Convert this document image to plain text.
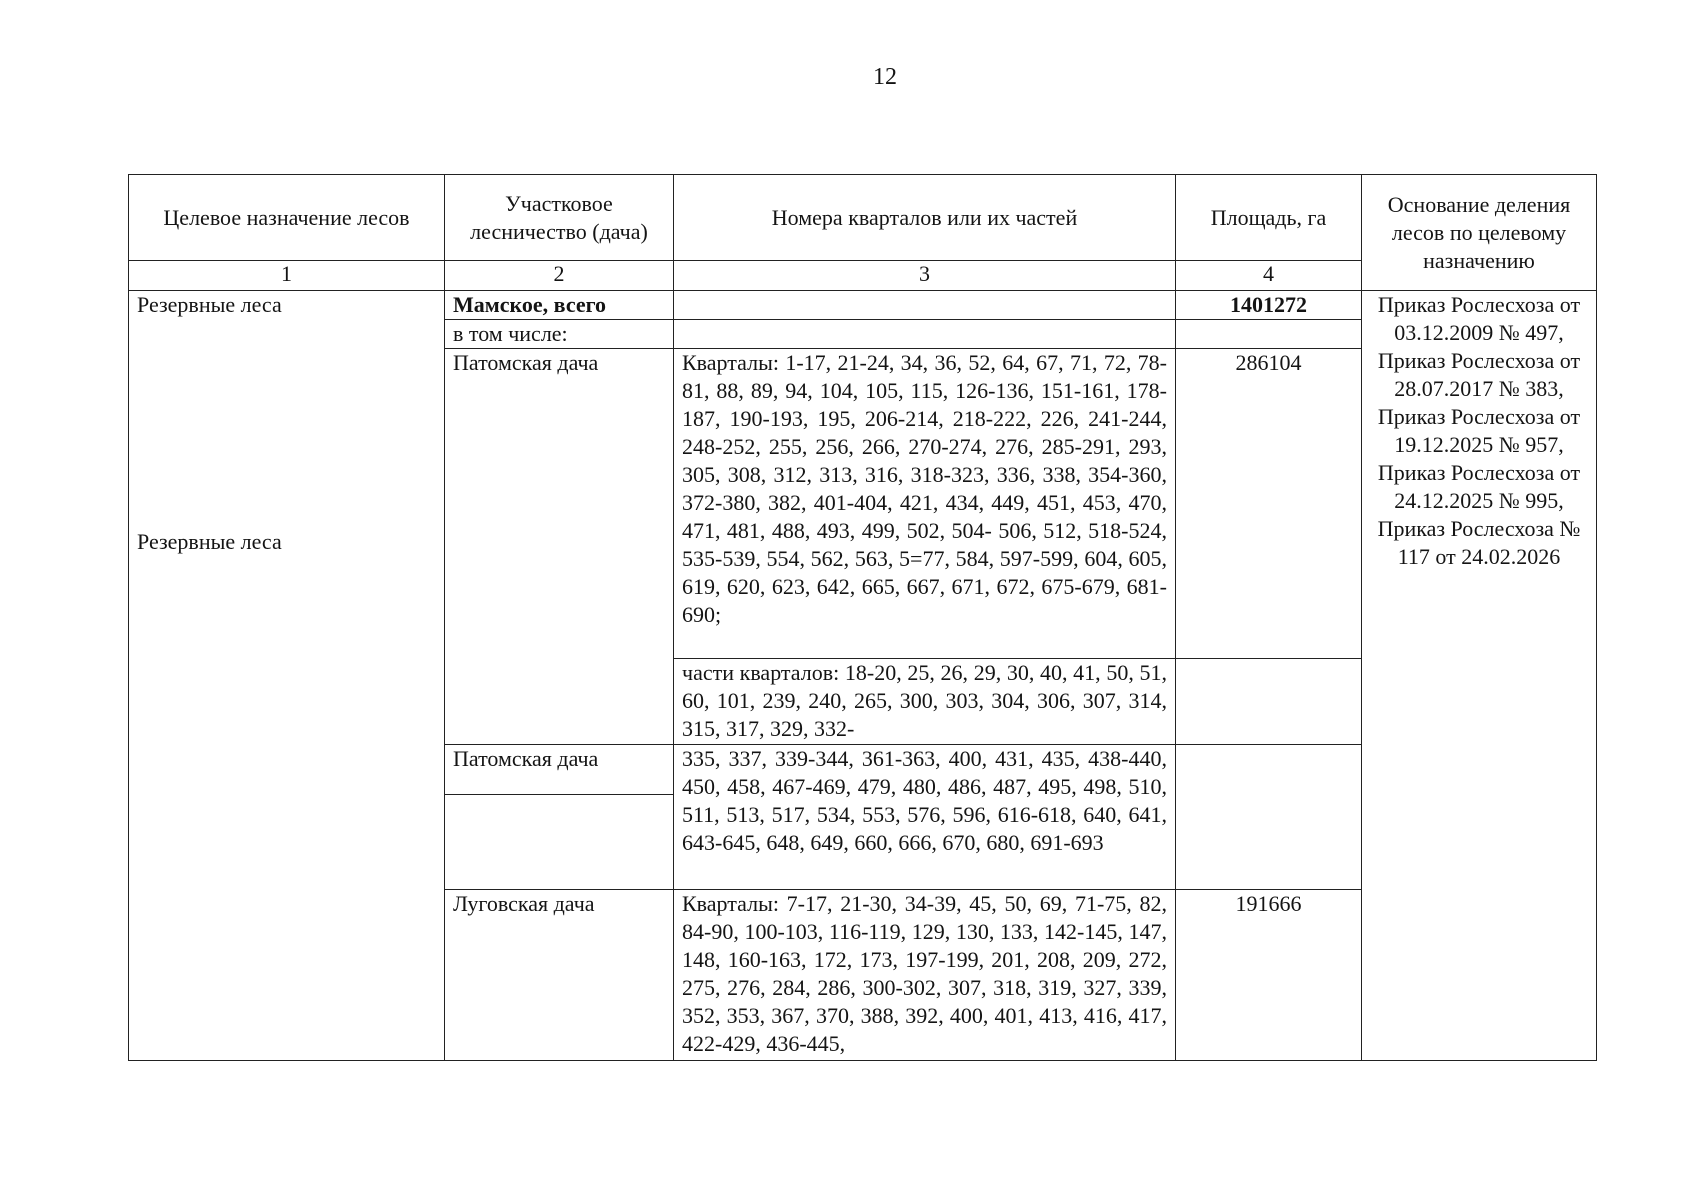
12
Целевое назначение лесов	Участковое лесничество (дача)	Номера кварталов или их частей	Площадь, га	Основание деления лесов по целевому назначению
1	2	3	4	

Резервные леса
Резервные леса	Мамское, всего		1401272	Приказ Рослесхоза от 03.12.2009 № 497, Приказ Рослесхоза от 28.07.2017 № 383, Приказ Рослесхоза от 19.12.2025 № 957, Приказ Рослесхоза от 24.12.2025 № 995, Приказ Рослесхоза № 117 от 24.02.2026
	в том числе:			
	Патомская дача	Кварталы: 1-17, 21-24, 34, 36, 52, 64, 67, 71, 72, 78-81, 88, 89, 94, 104, 105, 115, 126-136, 151-161, 178-187, 190-193, 195, 206-214, 218-222, 226, 241-244, 248-252, 255, 256, 266, 270-274, 276, 285-291, 293, 305, 308, 312, 313, 316, 318-323, 336, 338, 354-360, 372-380, 382, 401-404, 421, 434, 449, 451, 453, 470, 471, 481, 488, 493, 499, 502, 504- 506, 512, 518-524, 535-539, 554, 562, 563, 5=77, 584, 597-599, 604, 605, 619, 620, 623, 642, 665, 667, 671, 672, 675-679, 681-690;	286104	
		части кварталов: 18-20, 25, 26, 29, 30, 40, 41, 50, 51, 60, 101, 239, 240, 265, 300, 303, 304, 306, 307, 314, 315, 317, 329, 332-		
	Патомская дача	335, 337, 339-344, 361-363, 400, 431, 435, 438-440, 450, 458, 467-469, 479, 480, 486, 487, 495, 498, 510, 511, 513, 517, 534, 553, 576, 596, 616-618, 640, 641, 643-645, 648, 649, 660, 666, 670, 680, 691-693		

	Луговская дача	Кварталы: 7-17, 21-30, 34-39, 45, 50, 69, 71-75, 82, 84-90, 100-103, 116-119, 129, 130, 133, 142-145, 147, 148, 160-163, 172, 173, 197-199, 201, 208, 209, 272, 275, 276, 284, 286, 300-302, 307, 318, 319, 327, 339, 352, 353, 367, 370, 388, 392, 400, 401, 413, 416, 417, 422-429, 436-445,	191666	
